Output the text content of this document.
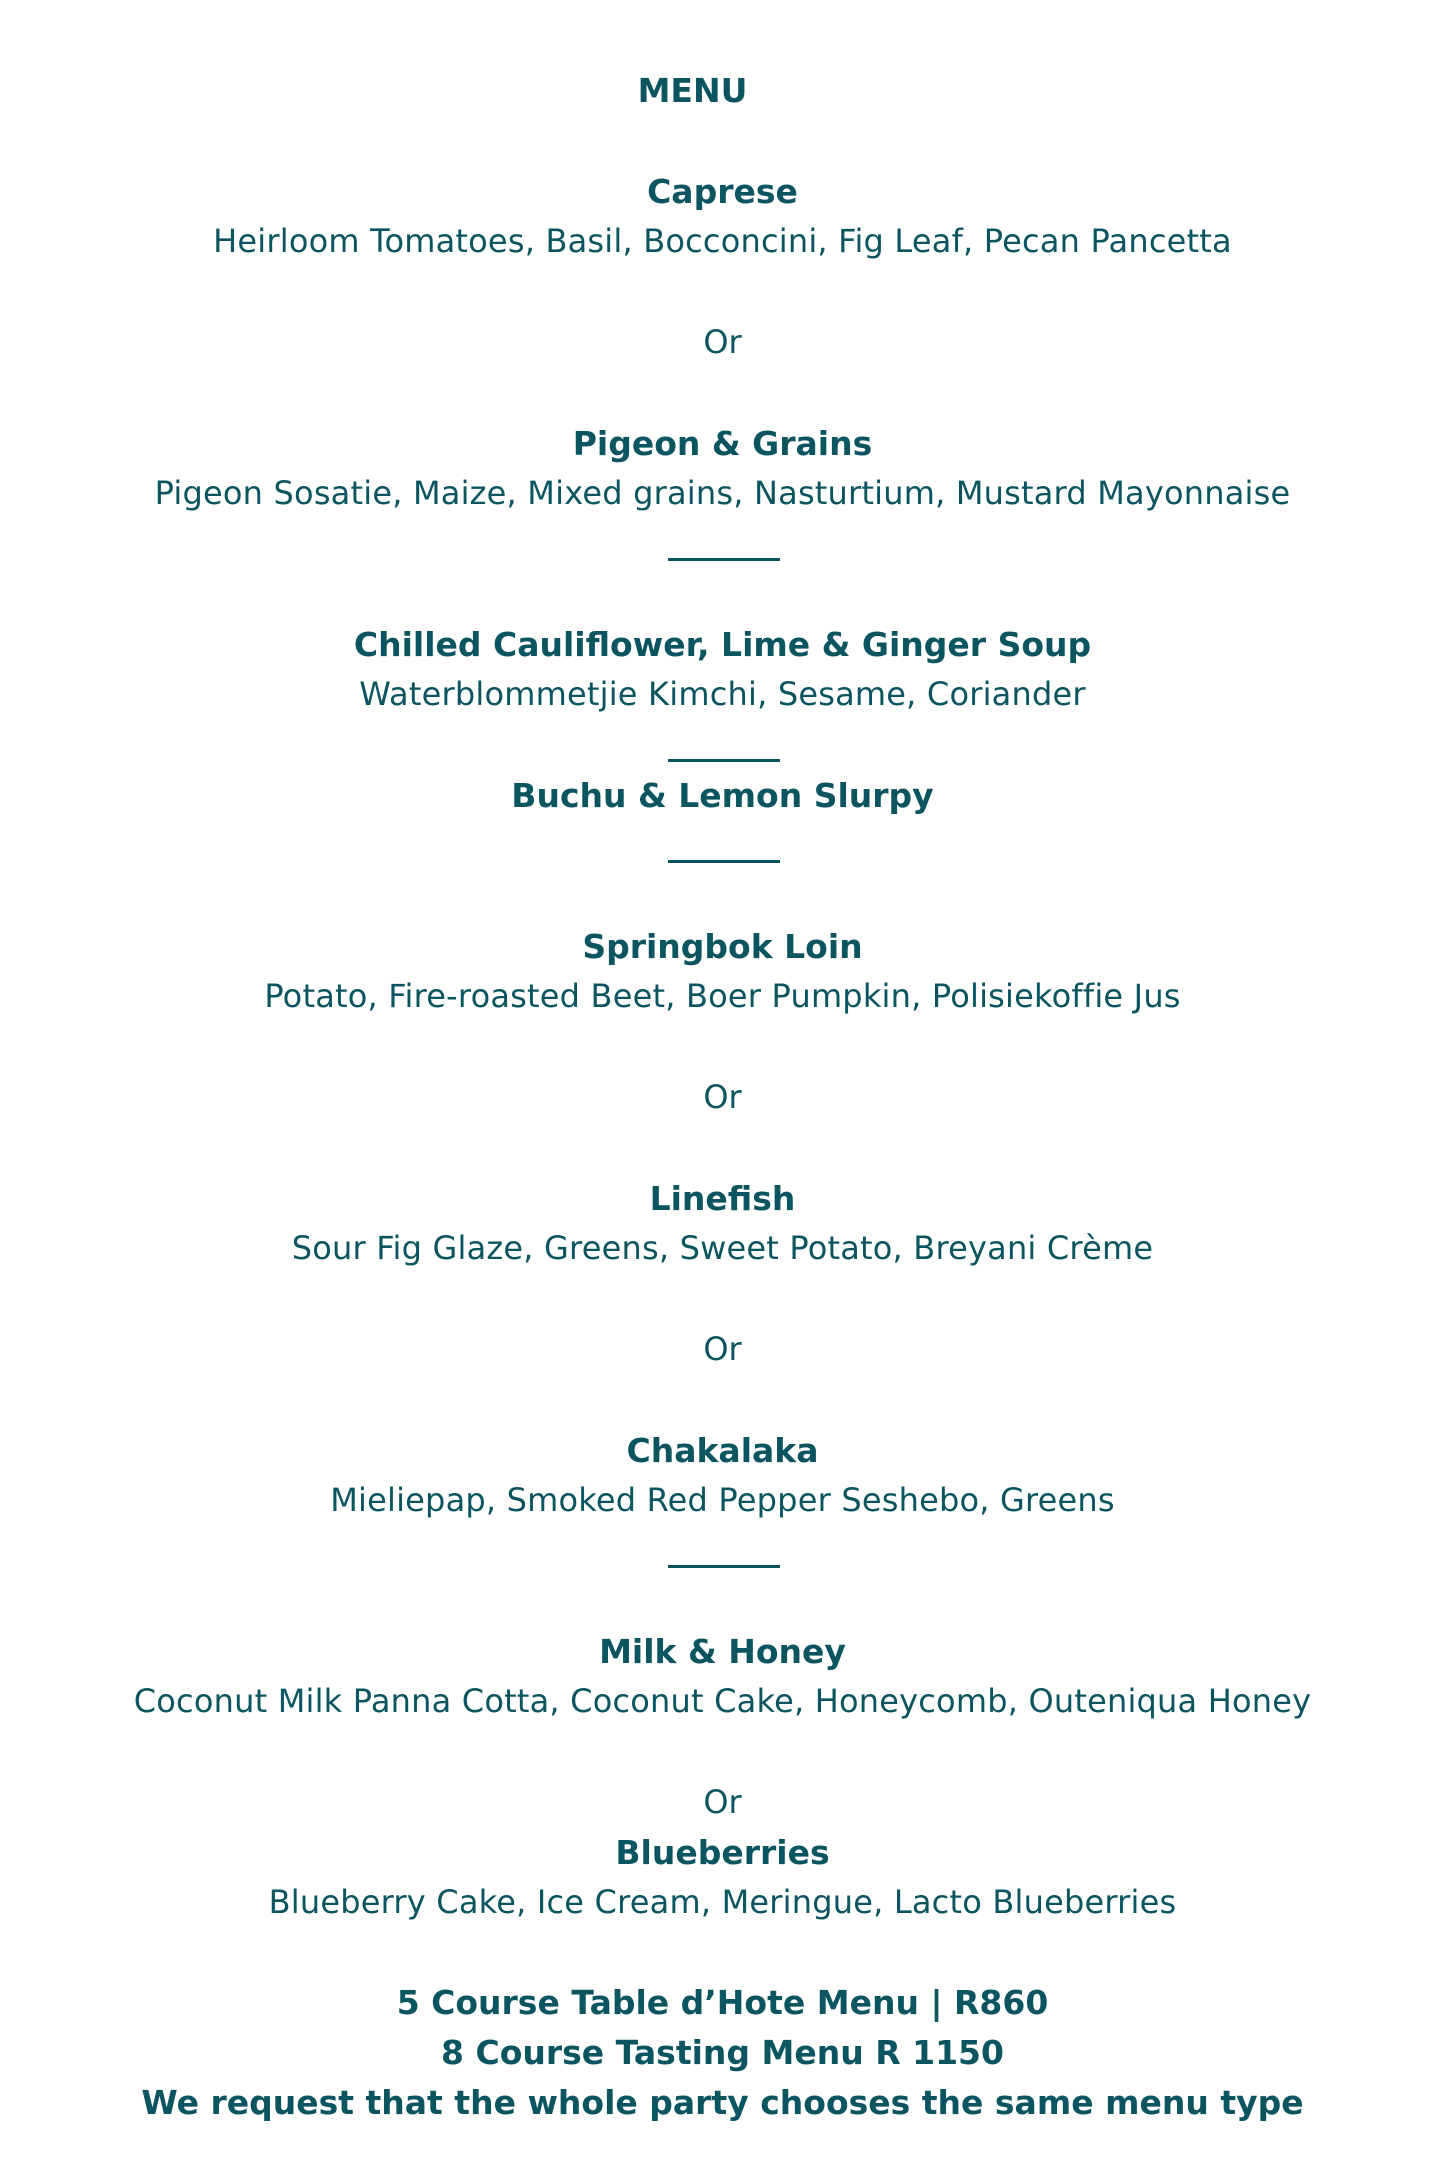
MENU
Caprese
Heirloom Tomatoes, Basil, Bocconcini, Fig Leaf, Pecan Pancetta
Or
Pigeon & Grains
Pigeon Sosatie, Maize, Mixed grains, Nasturtium, Mustard Mayonnaise
Chilled Cauliflower, Lime & Ginger Soup
Waterblommetjie Kimchi, Sesame, Coriander
Buchu & Lemon Slurpy
Springbok Loin
Potato, Fire-roasted Beet, Boer Pumpkin, Polisiekoffie Jus
Or
Linefish
Sour Fig Glaze, Greens, Sweet Potato, Breyani Crème
Or
Chakalaka
Mieliepap, Smoked Red Pepper Seshebo, Greens
Milk & Honey
Coconut Milk Panna Cotta, Coconut Cake, Honeycomb, Outeniqua Honey
Or
Blueberries
Blueberry Cake, Ice Cream, Meringue, Lacto Blueberries
5 Course Table d’Hote Menu | R860
8 Course Tasting Menu R 1150
We request that the whole party chooses the same menu type
